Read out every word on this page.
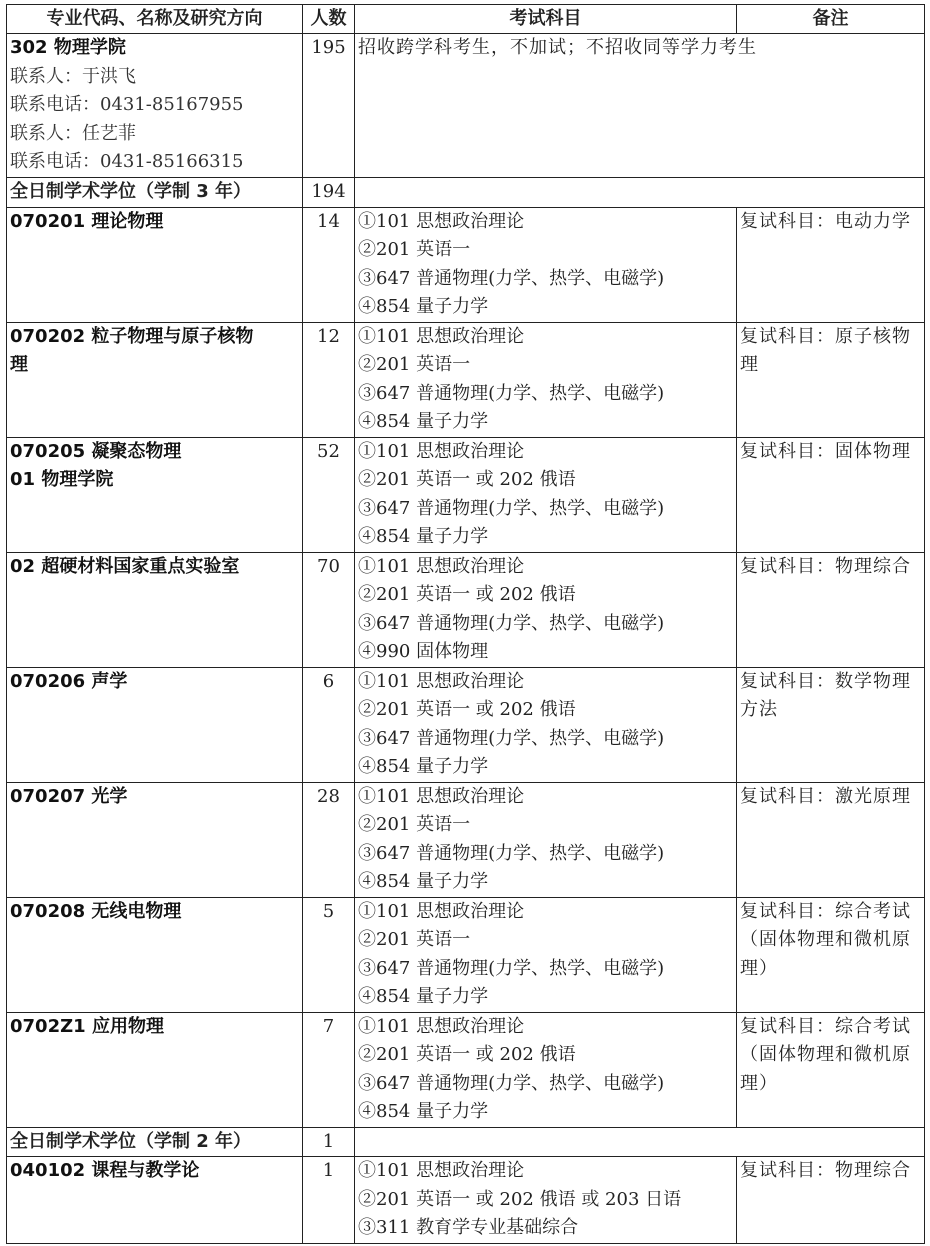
专业代码、名称及研究方向	人数	考试科目	备注

302 物理学院
联系人：于洪飞
联系电话：0431-85167955
联系人：任艺菲
联系电话：0431-85166315	195	招收跨学科考生，不加试；不招收同等学力考生	
全日制学术学位（学制 3 年）	194		

070201 理论物理	14	①101 思想政治理论
②201 英语一
③647 普通物理(力学、热学、电磁学)
④854 量子力学	复试科目：电动力学

070202 粒子物理与原子核物
理	12	①101 思想政治理论
②201 英语一
③647 普通物理(力学、热学、电磁学)
④854 量子力学	复试科目：原子核物理

070205 凝聚态物理
01 物理学院	52	①101 思想政治理论
②201 英语一 或 202 俄语
③647 普通物理(力学、热学、电磁学)
④854 量子力学	复试科目：固体物理

02 超硬材料国家重点实验室	70	①101 思想政治理论
②201 英语一 或 202 俄语
③647 普通物理(力学、热学、电磁学)
④990 固体物理	复试科目：物理综合

070206 声学	6	①101 思想政治理论
②201 英语一 或 202 俄语
③647 普通物理(力学、热学、电磁学)
④854 量子力学	复试科目：数学物理方法

070207 光学	28	①101 思想政治理论
②201 英语一
③647 普通物理(力学、热学、电磁学)
④854 量子力学	复试科目：激光原理

070208 无线电物理	5	①101 思想政治理论
②201 英语一
③647 普通物理(力学、热学、电磁学)
④854 量子力学	复试科目：综合考试（固体物理和微机原理）

0702Z1 应用物理	7	①101 思想政治理论
②201 英语一 或 202 俄语
③647 普通物理(力学、热学、电磁学)
④854 量子力学	复试科目：综合考试（固体物理和微机原理）
全日制学术学位（学制 2 年）	1		

040102 课程与教学论	1	①101 思想政治理论
②201 英语一 或 202 俄语 或 203 日语
③311 教育学专业基础综合	复试科目：物理综合
